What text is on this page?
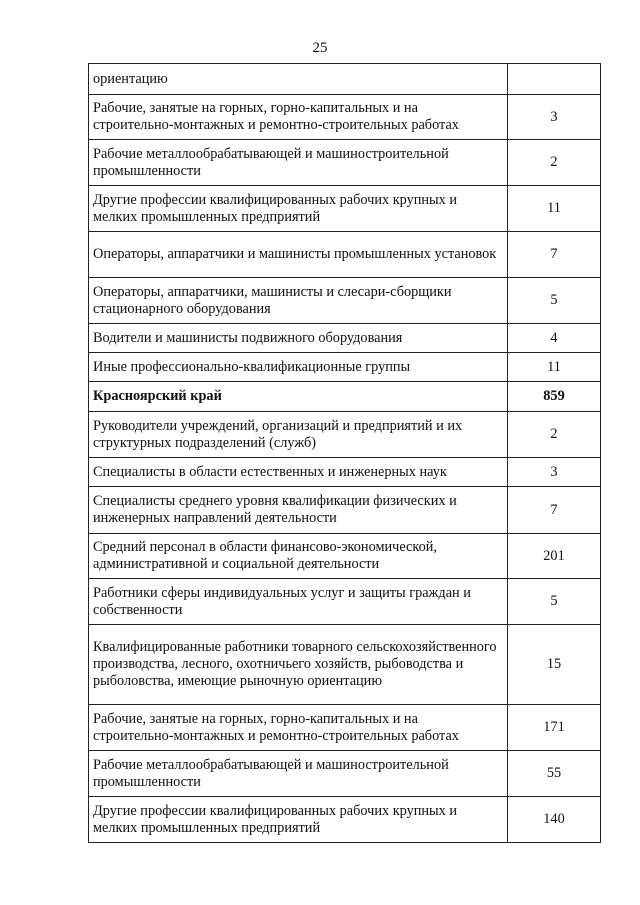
25
ориентацию	
Рабочие, занятые на горных, горно-капитальных и на строительно-монтажных и ремонтно-строительных работах	3
Рабочие металлообрабатывающей и машиностроительной промышленности	2
Другие профессии квалифицированных рабочих крупных и мелких промышленных предприятий	11
Операторы, аппаратчики и машинисты промышленных установок	7
Операторы, аппаратчики, машинисты и слесари-сборщики стационарного оборудования	5
Водители и машинисты подвижного оборудования	4
Иные профессионально-квалификационные группы	11
Красноярский край	859
Руководители учреждений, организаций и предприятий и их структурных подразделений (служб)	2
Специалисты в области естественных и инженерных наук	3
Специалисты среднего уровня квалификации физических и инженерных направлений деятельности	7
Средний персонал в области финансово-экономической, административной и социальной деятельности	201
Работники сферы индивидуальных услуг и защиты граждан и собственности	5
Квалифицированные работники товарного сельскохозяйственного производства, лесного, охотничьего хозяйств, рыбоводства и рыболовства, имеющие рыночную ориентацию	15
Рабочие, занятые на горных, горно-капитальных и на строительно-монтажных и ремонтно-строительных работах	171
Рабочие металлообрабатывающей и машиностроительной промышленности	55
Другие профессии квалифицированных рабочих крупных и мелких промышленных предприятий	140
